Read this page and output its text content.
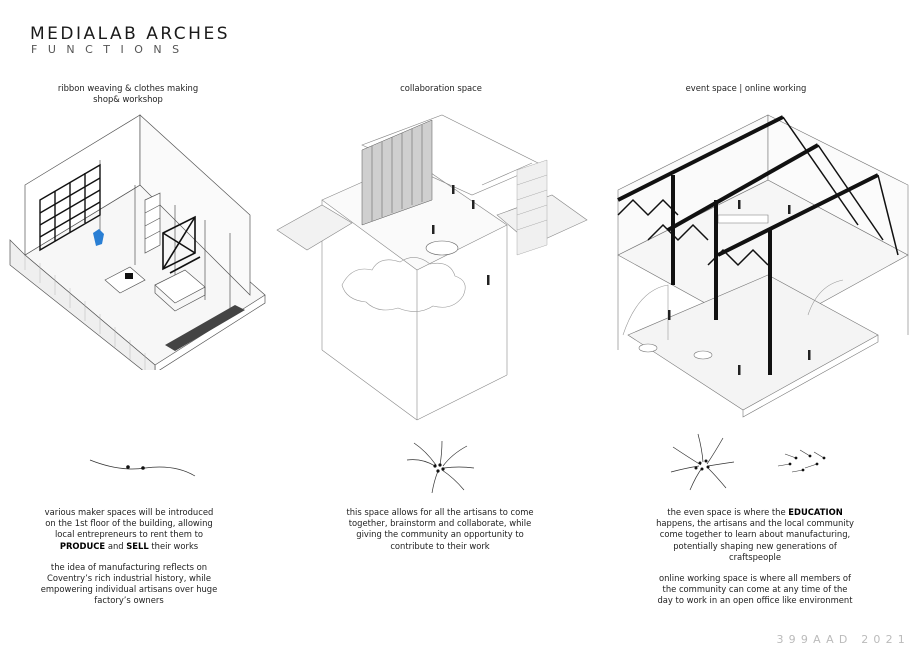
MEDIALAB ARCHES
FUNCTIONS
ribbon weaving & clothes making
shop& workshop
collaboration space	event space | online working

various maker spaces will be introduced on the 1st floor of the building, allowing local entrepreneurs to rent them to PRODUCE and SELL their works

the idea of manufacturing reflects on Coventry’s rich industrial history, while empowering individual artisans over huge factory’s owners

this space allows for all the artisans to come together, brainstorm and collaborate, while giving the community an opportunity to contribute to their work

the even space is where the EDUCATION happens, the artisans and the local community come together to learn about manufacturing, potentially shaping new generations of craftspeople

online working space is where all members of the community can come at any time of the day to work in an open office like environment

399AAD 2021
